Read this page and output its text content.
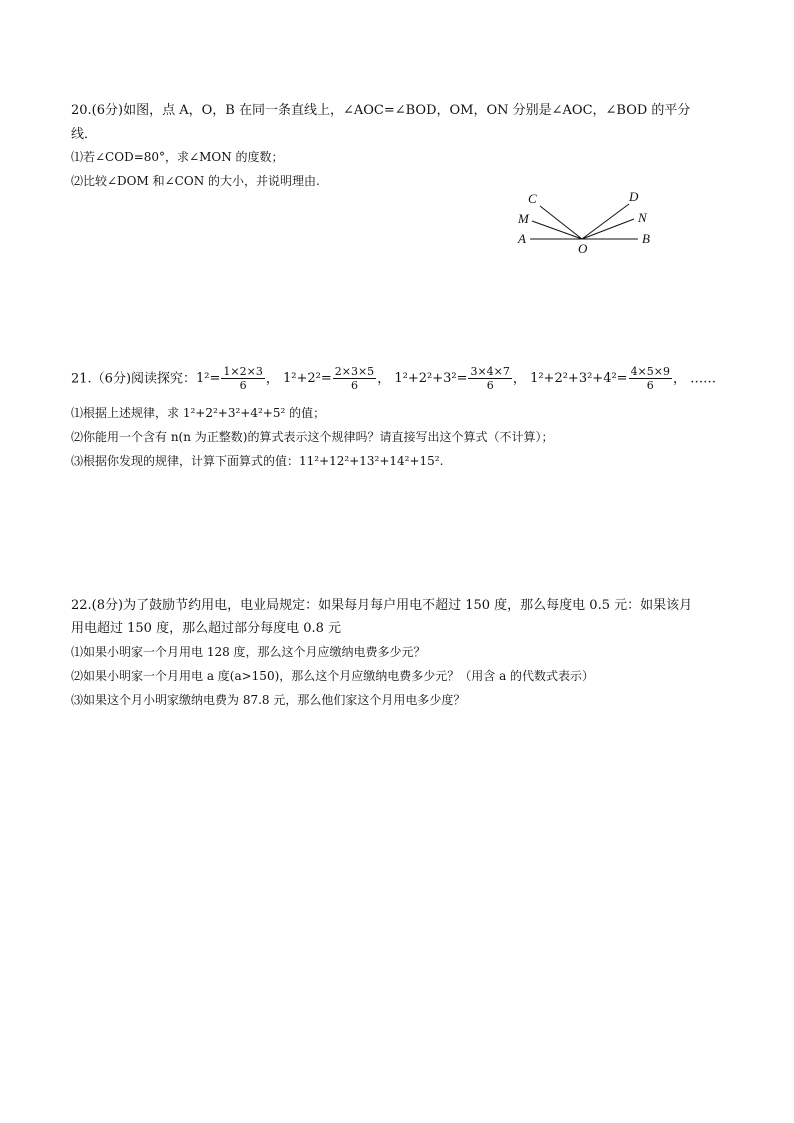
20.(6分)如图，点 A，O，B 在同一条直线上，∠AOC=∠BOD，OM，ON 分别是∠AOC，∠BOD 的平分
线．
⑴若∠COD=80°，求∠MON 的度数；
⑵比较∠DOM 和∠CON 的大小，并说明理由.
C	D
M	N
A
O
B
21.（6分)阅读探究：$1^2= \frac{1\times 2\times 3}{6}$ ， $1^2+2^2= \frac{2\times 3\times 5}{6}$ ， $1^2+2^2+3^2= \frac{3\times 4\times 7}{6}$ ， $1^2+2^2+3^2+4^2= \frac{4\times 5\times 9}{6}$ ， ……
⑴根据上述规律，求 1²+2²+3²+4²+5² 的值；
⑵你能用一个含有 n(n 为正整数)的算式表示这个规律吗？请直接写出这个算式（不计算）；
⑶根据你发现的规律，计算下面算式的值：11²+12²+13²+14²+15².
22.(8分)为了鼓励节约用电，电业局规定：如果每月每户用电不超过 150 度，那么每度电 0.5 元：如果该月
用电超过 150 度，那么超过部分每度电 0.8 元
⑴如果小明家一个月用电 128 度，那么这个月应缴纳电费多少元？
⑵如果小明家一个月用电 a 度(a>150)，那么这个月应缴纳电费多少元？（用含 a 的代数式表示）
⑶如果这个月小明家缴纳电费为 87.8 元，那么他们家这个月用电多少度？
